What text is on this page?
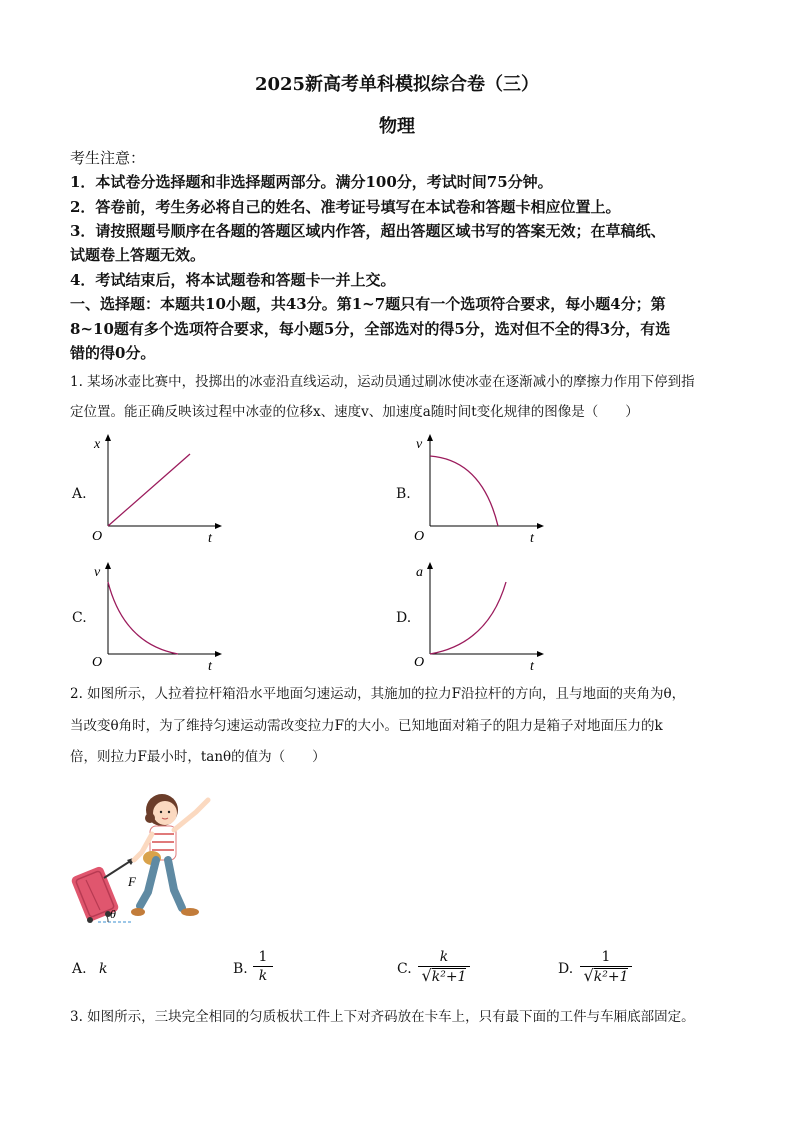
2025新高考单科模拟综合卷（三）
物理
考生注意：
1．本试卷分选择题和非选择题两部分。满分100分，考试时间75分钟。
2．答卷前，考生务必将自己的姓名、准考证号填写在本试卷和答题卡相应位置上。
3．请按照题号顺序在各题的答题区域内作答，超出答题区域书写的答案无效；在草稿纸、
试题卷上答题无效。
4．考试结束后，将本试题卷和答题卡一并上交。
一、选择题：本题共10小题，共43分。第1~7题只有一个选项符合要求，每小题4分；第
8~10题有多个选项符合要求，每小题5分，全部选对的得5分，选对但不全的得3分，有选
错的得0分。
1. 某场冰壶比赛中，投掷出的冰壶沿直线运动，运动员通过刷冰使冰壶在逐渐减小的摩擦力作用下停到指
定位置。能正确反映该过程中冰壶的位移x、速度v、加速度a随时间t变化规律的图像是（　　）
A.
x
O	t
B.
v
O	t
C.
v
O	t
D.
a
O	t
2. 如图所示，人拉着拉杆箱沿水平地面匀速运动，其施加的拉力F沿拉杆的方向，且与地面的夹角为θ，
当改变θ角时，为了维持匀速运动需改变拉力F的大小。已知地面对箱子的阻力是箱子对地面压力的k
倍，则拉力F最小时，tanθ的值为（　　）
F
θ
A. k	B. $\frac{1}{k}$	C. $\frac{k}{\text{√k²+1}}$	D. $\frac{1}{\text{√k²+1}}$
3. 如图所示，三块完全相同的匀质板状工件上下对齐码放在卡车上，只有最下面的工件与车厢底部固定。
